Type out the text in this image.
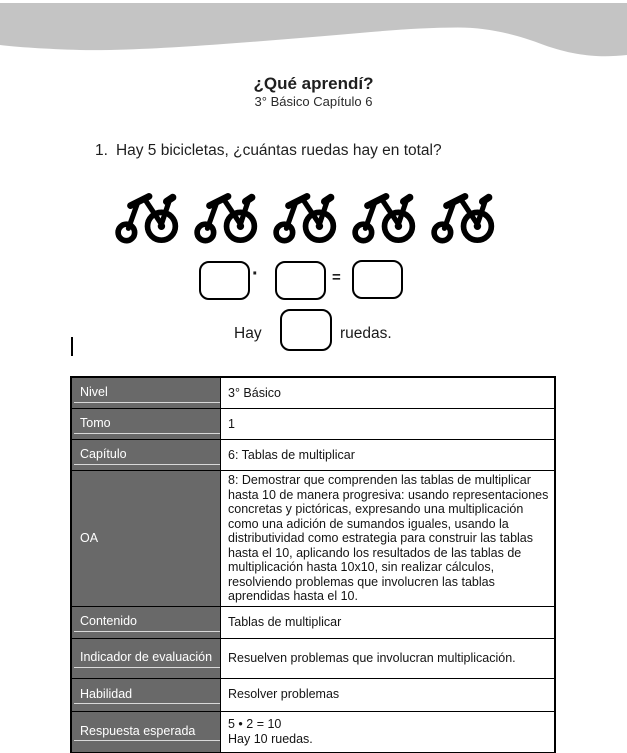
¿Qué aprendí?
3° Básico Capítulo 6
1. Hay 5 bicicletas, ¿cuántas ruedas hay en total?
·	=
Hay	ruedas.
Nivel	3° Básico
Tomo	1
Capítulo	6: Tablas de multiplicar
OA	8: Demostrar que comprenden las tablas de multiplicar hasta 10 de manera progresiva: usando representaciones concretas y pictóricas, expresando una multiplicación como una adición de sumandos iguales, usando la distributividad como estrategia para construir las tablas hasta el 10, aplicando los resultados de las tablas de multiplicación hasta 10x10, sin realizar cálculos, resolviendo problemas que involucren las tablas aprendidas hasta el 10.
Contenido	Tablas de multiplicar
Indicador de evaluación	Resuelven problemas que involucran multiplicación.
Habilidad	Resolver problemas
Respuesta esperada	5 • 2 = 10
Hay 10 ruedas.
